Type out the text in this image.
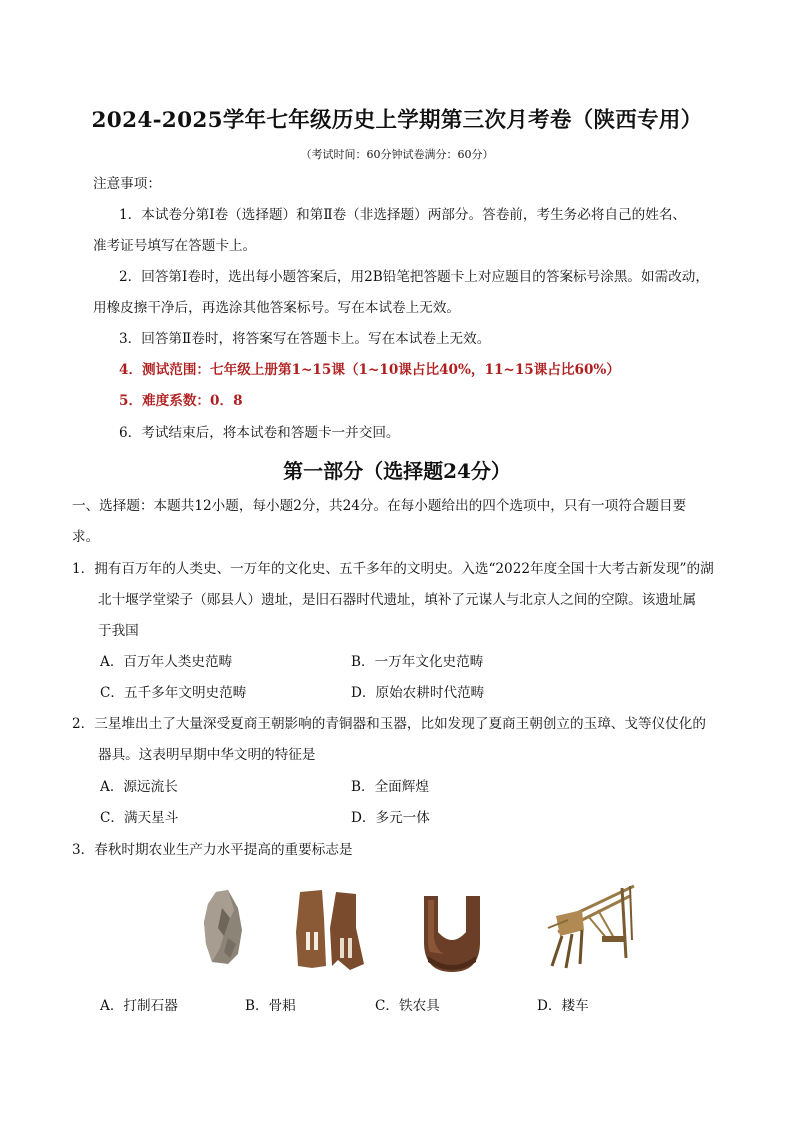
2024-2025学年七年级历史上学期第三次月考卷（陕西专用）
（考试时间：60分钟试卷满分：60分）
注意事项：
1．本试卷分第Ⅰ卷（选择题）和第Ⅱ卷（非选择题）两部分。答卷前，考生务必将自己的姓名、
准考证号填写在答题卡上。
2．回答第Ⅰ卷时，选出每小题答案后，用2B铅笔把答题卡上对应题目的答案标号涂黑。如需改动，
用橡皮擦干净后，再选涂其他答案标号。写在本试卷上无效。
3．回答第Ⅱ卷时，将答案写在答题卡上。写在本试卷上无效。
4．测试范围：七年级上册第1~15课（1~10课占比40%，11~15课占比60%）
5．难度系数：0．8
6．考试结束后，将本试卷和答题卡一并交回。
第一部分（选择题24分）
一、选择题：本题共12小题，每小题2分，共24分。在每小题给出的四个选项中，只有一项符合题目要
求。
1．拥有百万年的人类史、一万年的文化史、五千多年的文明史。入选“2022年度全国十大考古新发现”的湖
北十堰学堂梁子（郧县人）遗址，是旧石器时代遗址，填补了元谋人与北京人之间的空隙。该遗址属
于我国
A．百万年人类史范畴	B．一万年文化史范畴
C．五千多年文明史范畴	D．原始农耕时代范畴
2．三星堆出土了大量深受夏商王朝影响的青铜器和玉器，比如发现了夏商王朝创立的玉璋、戈等仪仗化的
器具。这表明早期中华文明的特征是
A．源远流长	B．全面辉煌
C．满天星斗	D．多元一体
3．春秋时期农业生产力水平提高的重要标志是
A．打制石器	B．骨耜	C．铁农具	D．耧车
